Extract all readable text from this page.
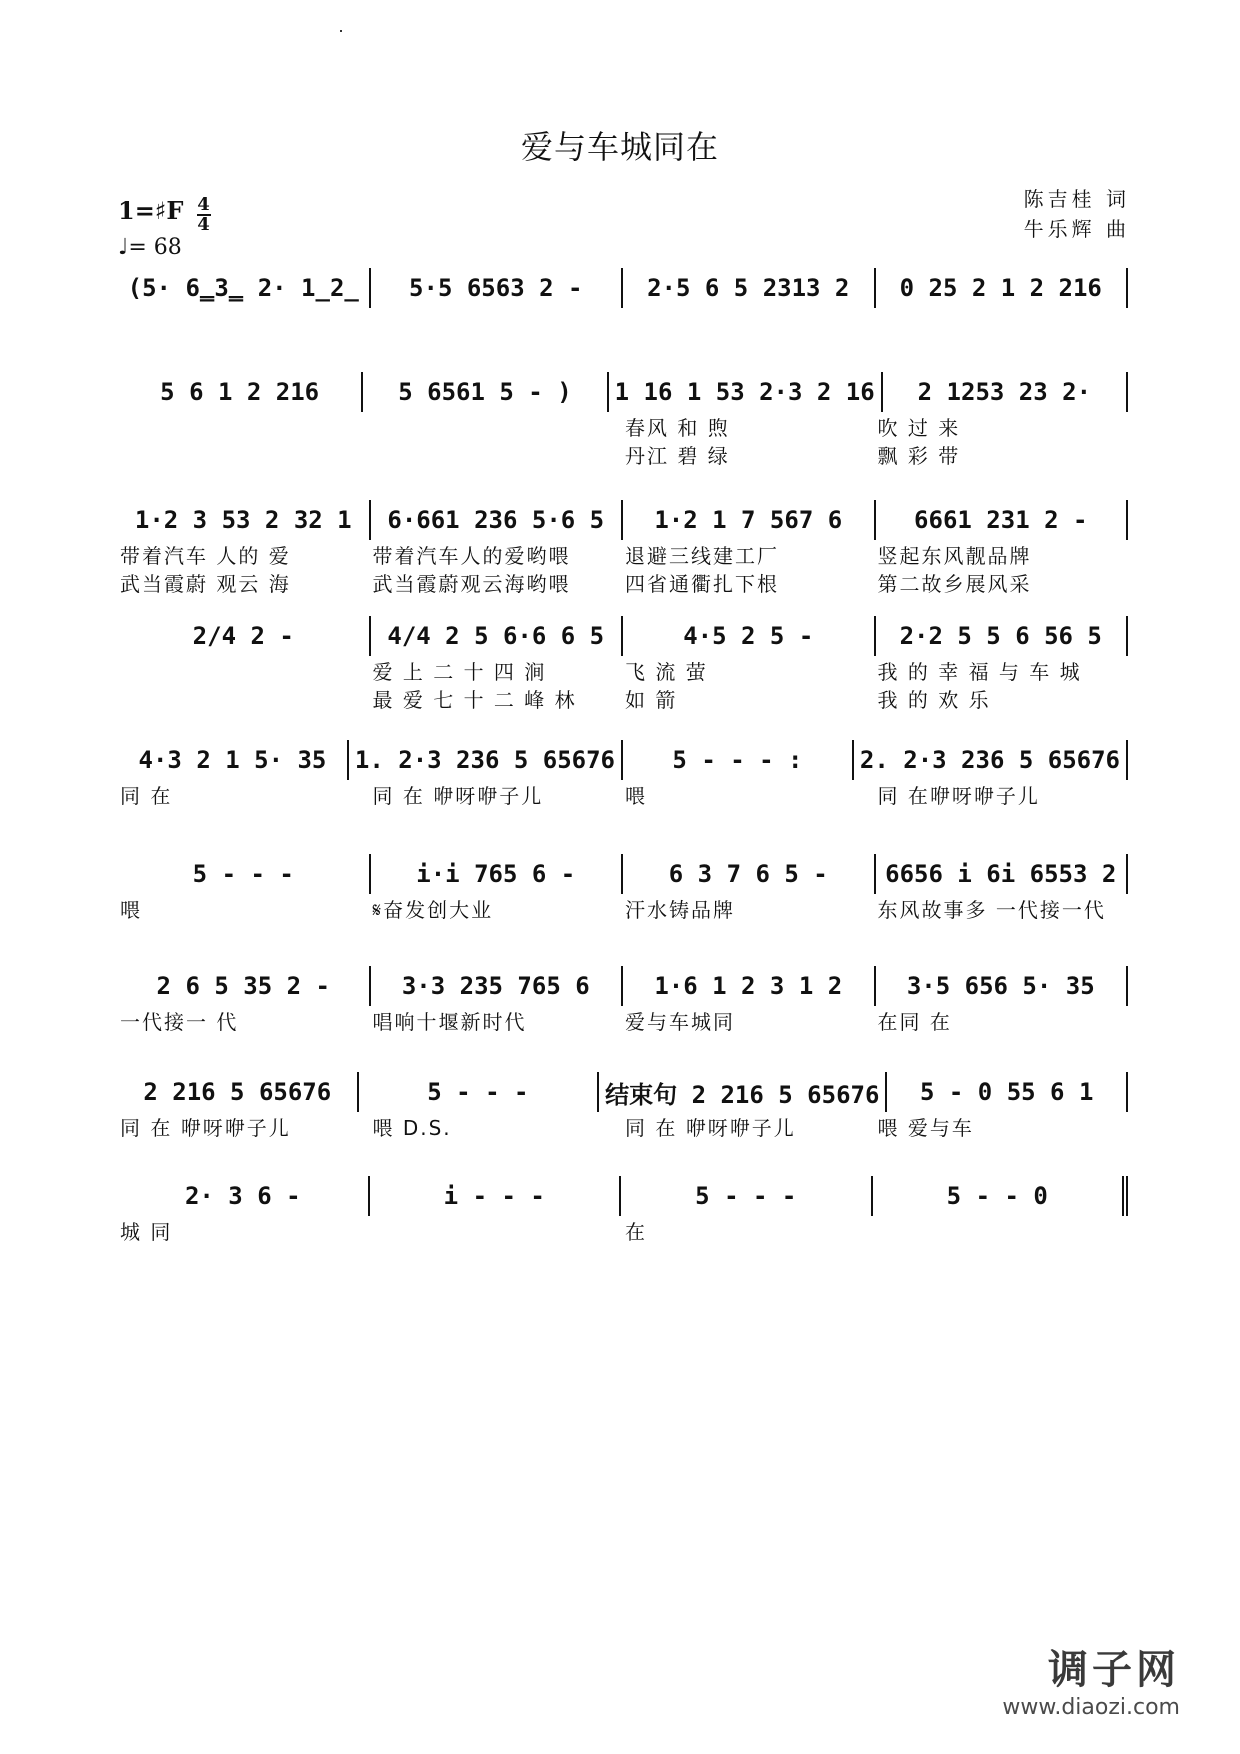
爱与车城同在
1=♯F $\frac{4}{4}$
♩= 68
陈吉桂 词
牛乐辉 曲
(5· 6̳3̳ 2· 1̲2̲	5·5 6563 2 -	2·5 6 5 2313 2	0 25 2 1 2 216
5 6 1 2 216	5 6561 5 - )	1 16 1 53 2·3 2 16	2 1253 23 2·
春风 和 煦	吹 过 来
丹江 碧 绿	飘 彩 带
1·2 3 53 2 32 1	6·661 236 5·6 5	1·2 1 7 567 6	6661 231 2 -
带着汽车 人的 爱	带着汽车人的爱哟喂	退避三线建工厂	竖起东风靓品牌
武当霞蔚 观云 海	武当霞蔚观云海哟喂	四省通衢扎下根	第二故乡展风采
2/4 2 -	4/4 2 5 6·6 6 5	4·5 2 5 -	2·2 5 5 6 56 5
爱 上 二 十 四 涧	飞 流 萤	我 的 幸 福 与 车 城
最 爱 七 十 二 峰 林	如 箭	我 的 欢 乐
4·3 2 1 5· 35	1. 2·3 236 5 65676	5 - - - :	2. 2·3 236 5 65676
同 在	同 在 咿呀咿子儿	喂	同 在咿呀咿子儿
5 - - -	i·i 765 6 -	6 3 7 6 5 -	6656 i 6i 6553 2
喂	𝄋奋发创大业	汗水铸品牌	东风故事多 一代接一代
2 6 5 35 2 -	3·3 235 765 6	1·6 1 2 3 1 2	3·5 656 5· 35
一代接一 代	唱响十堰新时代	爱与车城同	在同 在
2 216 5 65676	5 - - -	结束句 2 216 5 65676	5 - 0 55 6 1
同 在 咿呀咿子儿	喂 D.S.	同 在 咿呀咿子儿	喂 爱与车
2· 3 6 -	i - - -	5 - - -	5 - - 0
城 同	在
调子网
www.diaozi.com
